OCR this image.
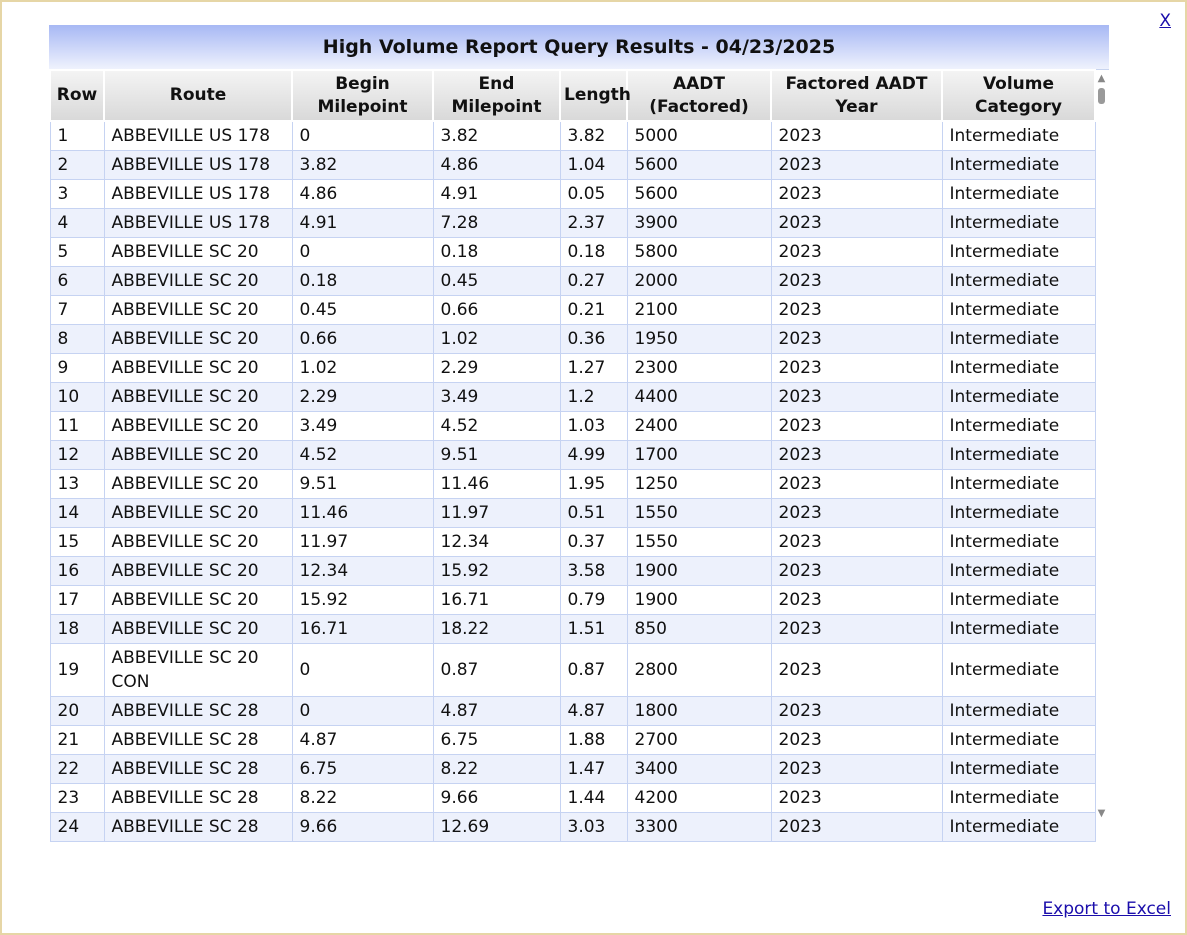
X
High Volume Report Query Results - 04/23/2025
Row	Route	Begin Milepoint	End Milepoint	Length	AADT (Factored)	Factored AADT Year	Volume Category
1	ABBEVILLE US 178	0	3.82	3.82	5000	2023	Intermediate
2	ABBEVILLE US 178	3.82	4.86	1.04	5600	2023	Intermediate
3	ABBEVILLE US 178	4.86	4.91	0.05	5600	2023	Intermediate
4	ABBEVILLE US 178	4.91	7.28	2.37	3900	2023	Intermediate
5	ABBEVILLE SC 20	0	0.18	0.18	5800	2023	Intermediate
6	ABBEVILLE SC 20	0.18	0.45	0.27	2000	2023	Intermediate
7	ABBEVILLE SC 20	0.45	0.66	0.21	2100	2023	Intermediate
8	ABBEVILLE SC 20	0.66	1.02	0.36	1950	2023	Intermediate
9	ABBEVILLE SC 20	1.02	2.29	1.27	2300	2023	Intermediate
10	ABBEVILLE SC 20	2.29	3.49	1.2	4400	2023	Intermediate
11	ABBEVILLE SC 20	3.49	4.52	1.03	2400	2023	Intermediate
12	ABBEVILLE SC 20	4.52	9.51	4.99	1700	2023	Intermediate
13	ABBEVILLE SC 20	9.51	11.46	1.95	1250	2023	Intermediate
14	ABBEVILLE SC 20	11.46	11.97	0.51	1550	2023	Intermediate
15	ABBEVILLE SC 20	11.97	12.34	0.37	1550	2023	Intermediate
16	ABBEVILLE SC 20	12.34	15.92	3.58	1900	2023	Intermediate
17	ABBEVILLE SC 20	15.92	16.71	0.79	1900	2023	Intermediate
18	ABBEVILLE SC 20	16.71	18.22	1.51	850	2023	Intermediate
19	ABBEVILLE SC 20 CON	0	0.87	0.87	2800	2023	Intermediate
20	ABBEVILLE SC 28	0	4.87	4.87	1800	2023	Intermediate
21	ABBEVILLE SC 28	4.87	6.75	1.88	2700	2023	Intermediate
22	ABBEVILLE SC 28	6.75	8.22	1.47	3400	2023	Intermediate
23	ABBEVILLE SC 28	8.22	9.66	1.44	4200	2023	Intermediate
24	ABBEVILLE SC 28	9.66	12.69	3.03	3300	2023	Intermediate
▲
▼
Export to Excel
